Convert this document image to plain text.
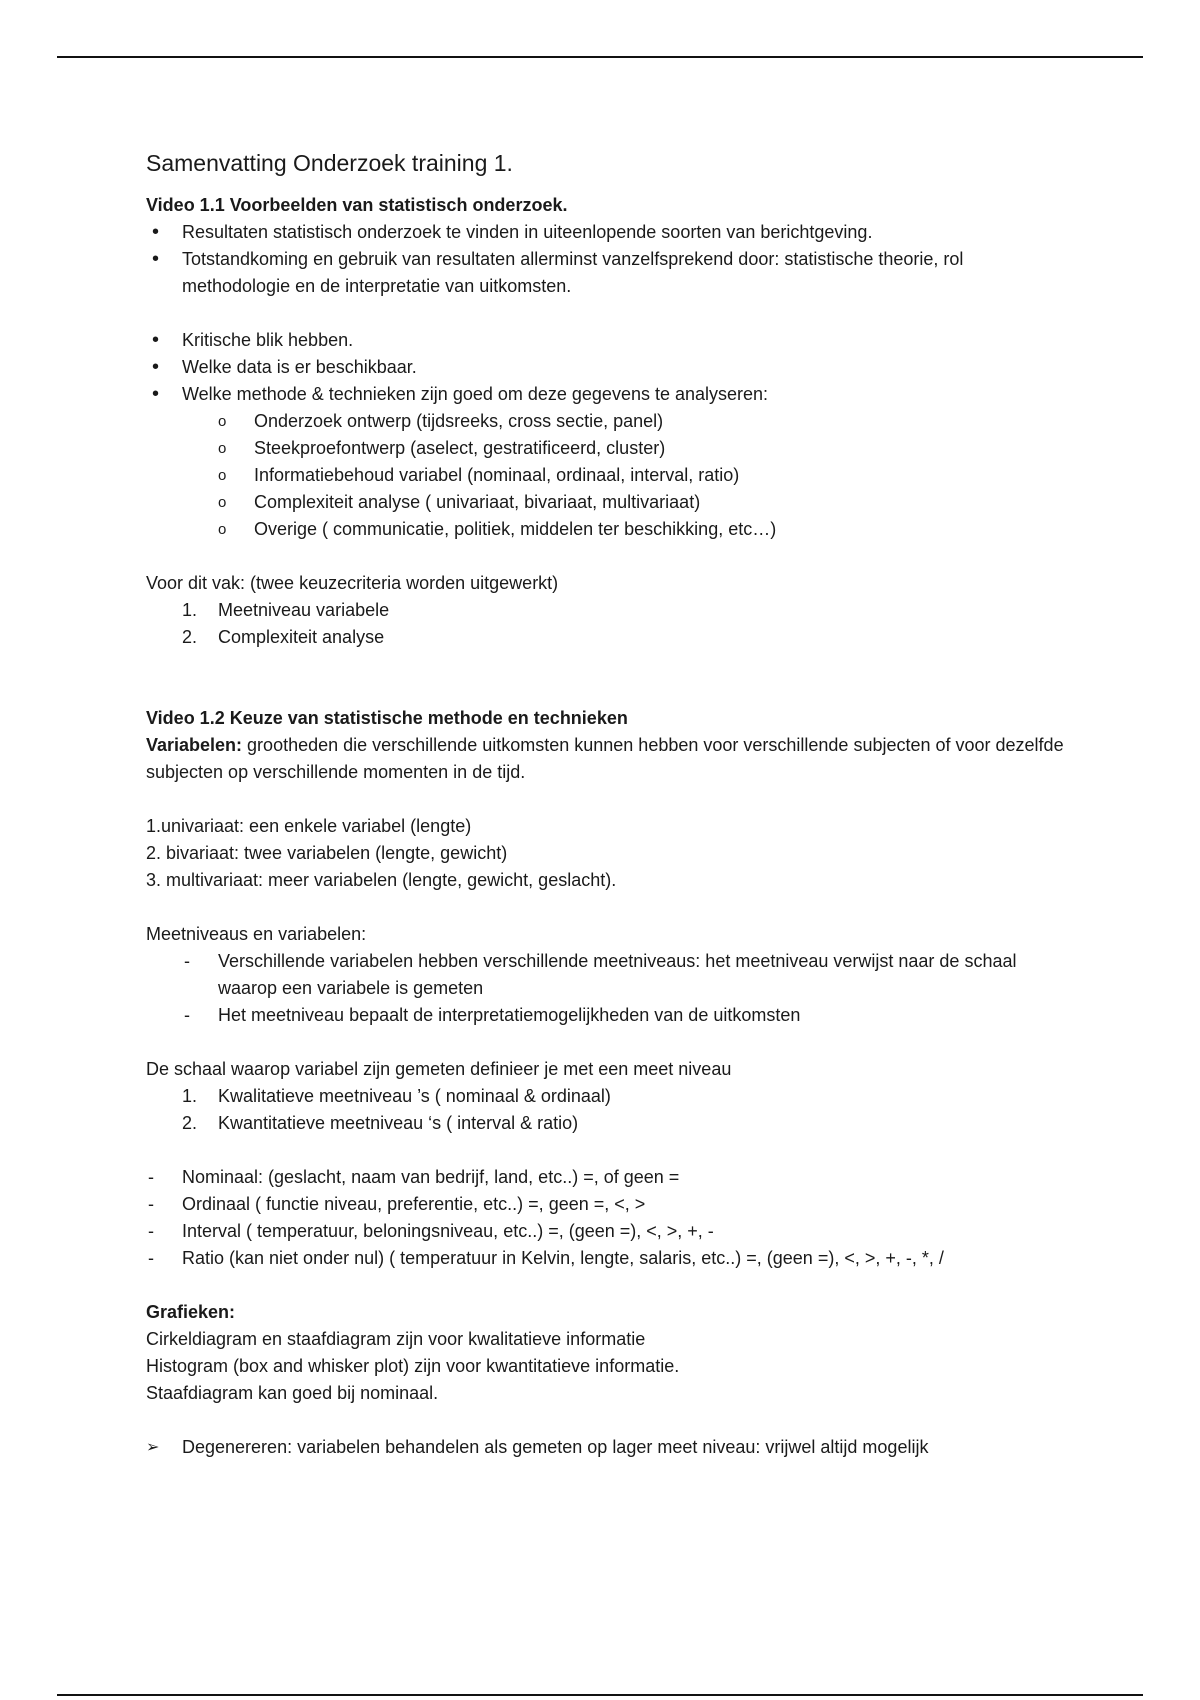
Samenvatting Onderzoek training 1.
Video 1.1 Voorbeelden van statistisch onderzoek.
• Resultaten statistisch onderzoek te vinden in uiteenlopende soorten van berichtgeving.
• Totstandkoming en gebruik van resultaten allerminst vanzelfsprekend door: statistische theorie, rol methodologie en de interpretatie van uitkomsten.
• Kritische blik hebben.
• Welke data is er beschikbaar.
• Welke methode & technieken zijn goed om deze gegevens te analyseren:
o Onderzoek ontwerp (tijdsreeks, cross sectie, panel)
o Steekproefontwerp (aselect, gestratificeerd, cluster)
o Informatiebehoud variabel (nominaal, ordinaal, interval, ratio)
o Complexiteit analyse ( univariaat, bivariaat, multivariaat)
o Overige ( communicatie, politiek, middelen ter beschikking, etc…)

Voor dit vak: (twee keuzecriteria worden uitgewerkt)

1. Meetniveau variabele
2. Complexiteit analyse
Video 1.2 Keuze van statistische methode en technieken

Variabelen: grootheden die verschillende uitkomsten kunnen hebben voor verschillende subjecten of voor dezelfde subjecten op verschillende momenten in de tijd.

1.univariaat: een enkele variabel (lengte)

2. bivariaat: twee variabelen (lengte, gewicht)

3. multivariaat: meer variabelen (lengte, gewicht, geslacht).

Meetniveaus en variabelen:

- Verschillende variabelen hebben verschillende meetniveaus: het meetniveau verwijst naar de schaal waarop een variabele is gemeten
- Het meetniveau bepaalt de interpretatiemogelijkheden van de uitkomsten

De schaal waarop variabel zijn gemeten definieer je met een meet niveau

1. Kwalitatieve meetniveau ’s ( nominaal & ordinaal)
2. Kwantitatieve meetniveau ‘s ( interval & ratio)
- Nominaal: (geslacht, naam van bedrijf, land, etc..) =, of geen =
- Ordinaal ( functie niveau, preferentie, etc..) =, geen =, <, >
- Interval ( temperatuur, beloningsniveau, etc..) =, (geen =), <, >, +, -
- Ratio (kan niet onder nul) ( temperatuur in Kelvin, lengte, salaris, etc..) =, (geen =), <, >, +, -, *, /
Grafieken:

Cirkeldiagram en staafdiagram zijn voor kwalitatieve informatie

Histogram (box and whisker plot) zijn voor kwantitatieve informatie.

Staafdiagram kan goed bij nominaal.

➢ Degenereren: variabelen behandelen als gemeten op lager meet niveau: vrijwel altijd mogelijk
